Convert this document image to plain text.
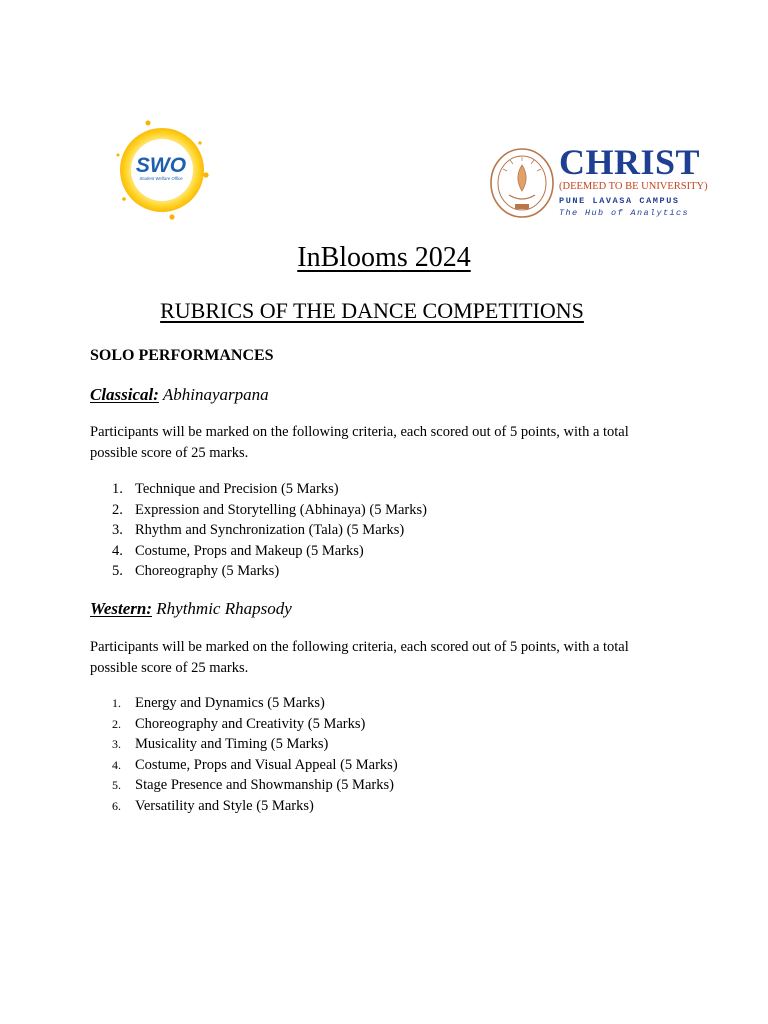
SWO
Student Welfare Office	CHRIST
(DEEMED TO BE UNIVERSITY)
PUNE LAVASA CAMPUS
The Hub of Analytics
InBlooms 2024
RUBRICS OF THE DANCE COMPETITIONS
SOLO PERFORMANCES
Classical: Abhinayarpana

Participants will be marked on the following criteria, each scored out of 5 points, with a total possible score of 25 marks.

1. Technique and Precision (5 Marks)
2. Expression and Storytelling (Abhinaya) (5 Marks)
3. Rhythm and Synchronization (Tala) (5 Marks)
4. Costume, Props and Makeup (5 Marks)
5. Choreography (5 Marks)
Western: Rhythmic Rhapsody

Participants will be marked on the following criteria, each scored out of 5 points, with a total possible score of 25 marks.

1. Energy and Dynamics (5 Marks)
2. Choreography and Creativity (5 Marks)
3. Musicality and Timing (5 Marks)
4. Costume, Props and Visual Appeal (5 Marks)
5. Stage Presence and Showmanship (5 Marks)
6. Versatility and Style (5 Marks)
